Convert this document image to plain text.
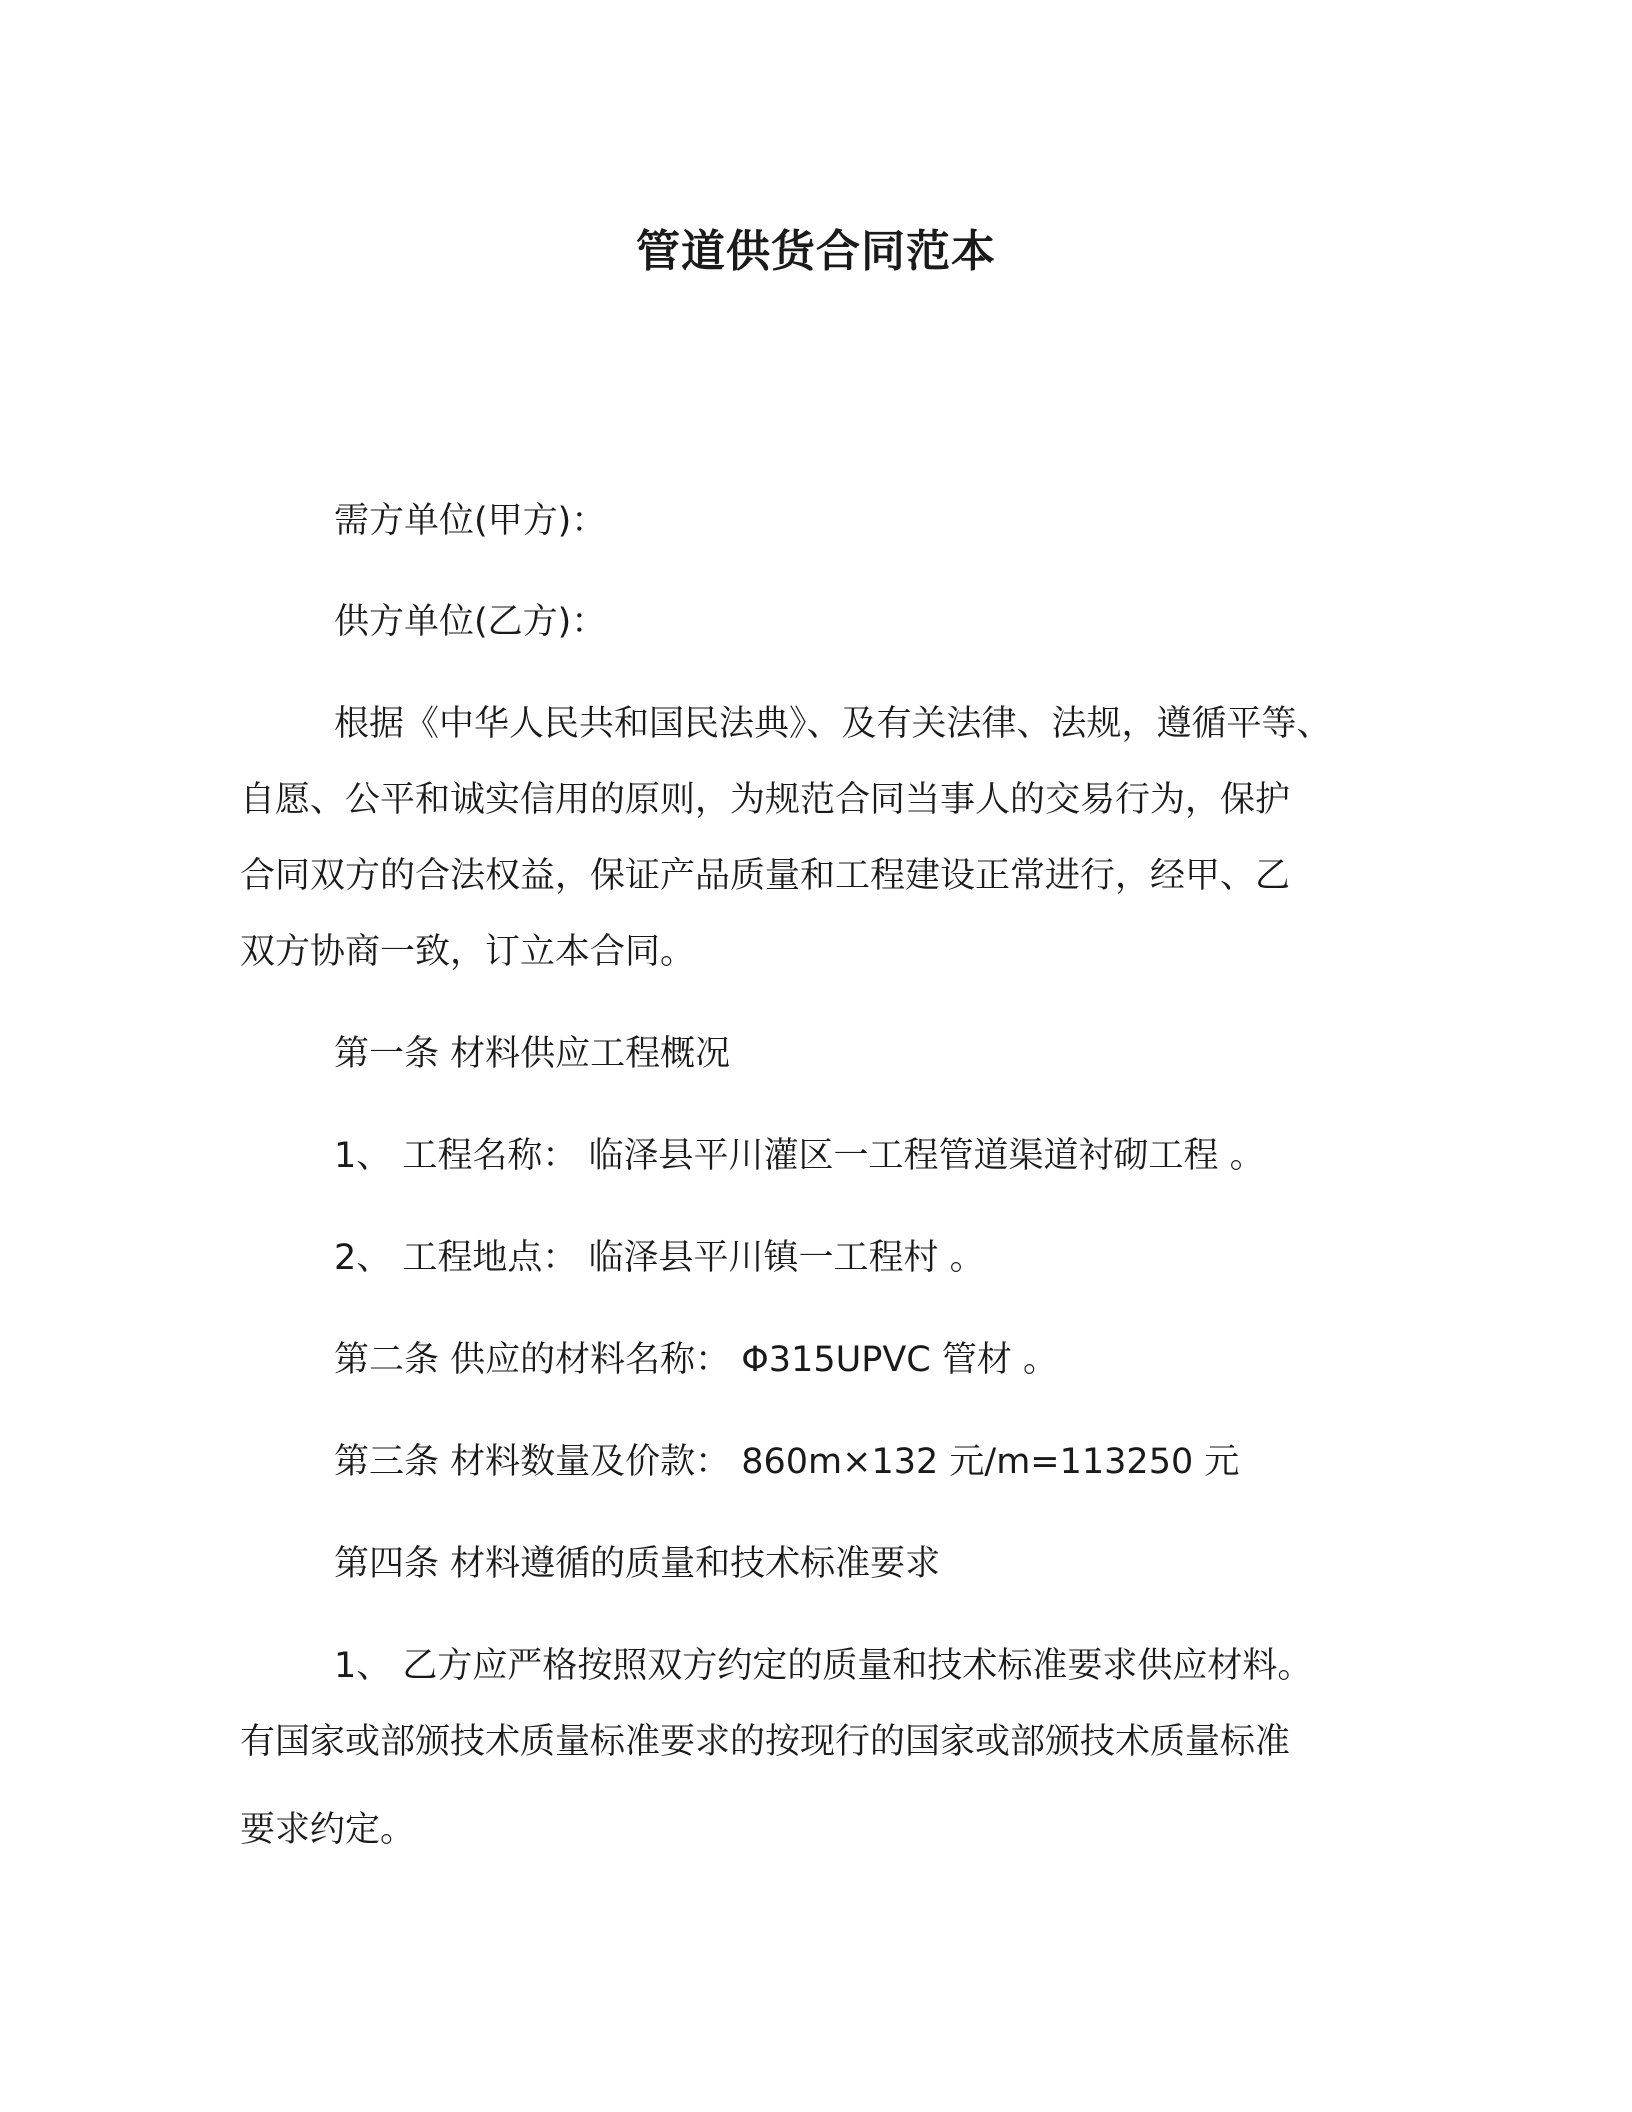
管道供货合同范本
需方单位(甲方)：
供方单位(乙方)：
根据《中华人民共和国民法典》、及有关法律、法规，遵循平等、
自愿、公平和诚实信用的原则，为规范合同当事人的交易行为，保护
合同双方的合法权益，保证产品质量和工程建设正常进行，经甲、乙
双方协商一致，订立本合同。
第一条 材料供应工程概况
1、 工程名称： 临泽县平川灌区一工程管道渠道衬砌工程 。
2、 工程地点： 临泽县平川镇一工程村 。
第二条 供应的材料名称： Φ315UPVC 管材 。
第三条 材料数量及价款： 860m×132 元/m=113250 元
第四条 材料遵循的质量和技术标准要求
1、 乙方应严格按照双方约定的质量和技术标准要求供应材料。
有国家或部颁技术质量标准要求的按现行的国家或部颁技术质量标准
要求约定。
